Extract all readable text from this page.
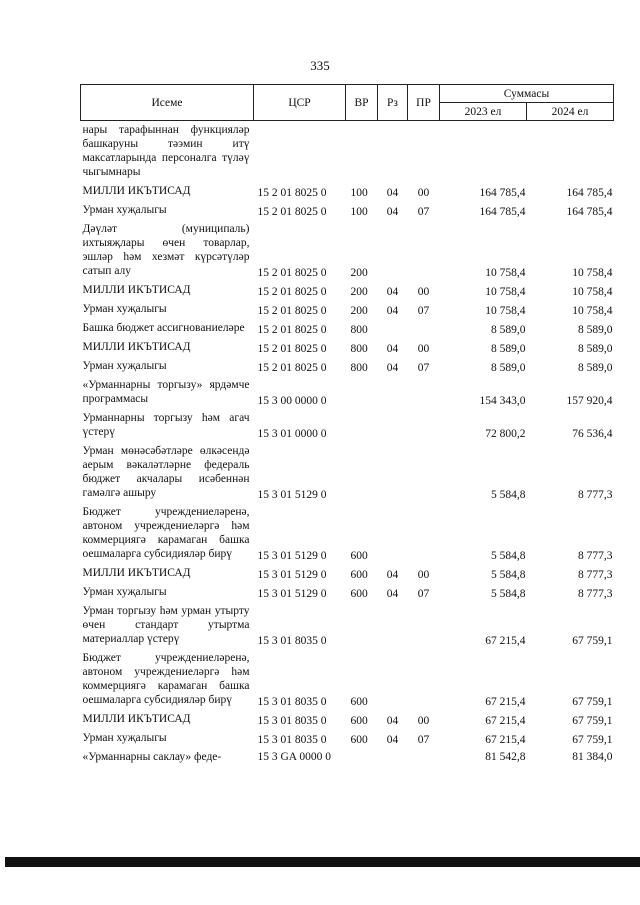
335
Исеме	ЦСР	ВР	Рз	ПР	Суммасы	
					2023 ел	2024 ел
нары тарафыннан функцияләр башкаруны тәэмин итү максатларында персоналга түләү чыгымнары						
МИЛЛИ ИКЪТИСАД	15 2 01 8025 0	100	04	00	164 785,4	164 785,4
Урман хуҗалыгы	15 2 01 8025 0	100	04	07	164 785,4	164 785,4
Дәүләт (муниципаль) ихтыяҗлары өчен товарлар, эшләр һәм хезмәт күрсәтүләр сатып алу	15 2 01 8025 0	200			10 758,4	10 758,4
МИЛЛИ ИКЪТИСАД	15 2 01 8025 0	200	04	00	10 758,4	10 758,4
Урман хуҗалыгы	15 2 01 8025 0	200	04	07	10 758,4	10 758,4
Башка бюджет ассигнованиеләре	15 2 01 8025 0	800			8 589,0	8 589,0
МИЛЛИ ИКЪТИСАД	15 2 01 8025 0	800	04	00	8 589,0	8 589,0
Урман хуҗалыгы	15 2 01 8025 0	800	04	07	8 589,0	8 589,0
«Урманнарны торгызу» ярдәмче программасы	15 3 00 0000 0				154 343,0	157 920,4
Урманнарны торгызу һәм агач үстерү	15 3 01 0000 0				72 800,2	76 536,4
Урман мөнәсәбәтләре өлкәсендә аерым вәкаләтләрне федераль бюджет акчалары исәбеннән гамәлгә ашыру	15 3 01 5129 0				5 584,8	8 777,3
Бюджет учреждениеләренә, автоном учреждениеләргә һәм коммерциягә карамаган башка оешмаларга субсидияләр бирү	15 3 01 5129 0	600			5 584,8	8 777,3
МИЛЛИ ИКЪТИСАД	15 3 01 5129 0	600	04	00	5 584,8	8 777,3
Урман хуҗалыгы	15 3 01 5129 0	600	04	07	5 584,8	8 777,3
Урман торгызу һәм урман утырту өчен стандарт утыртма материаллар үстерү	15 3 01 8035 0				67 215,4	67 759,1
Бюджет учреждениеләренә, автоном учреждениеләргә һәм коммерциягә карамаган башка оешмаларга субсидияләр бирү	15 3 01 8035 0	600			67 215,4	67 759,1
МИЛЛИ ИКЪТИСАД	15 3 01 8035 0	600	04	00	67 215,4	67 759,1
Урман хуҗалыгы	15 3 01 8035 0	600	04	07	67 215,4	67 759,1
«Урманнарны саклау» феде-	15 3 GA 0000 0				81 542,8	81 384,0
